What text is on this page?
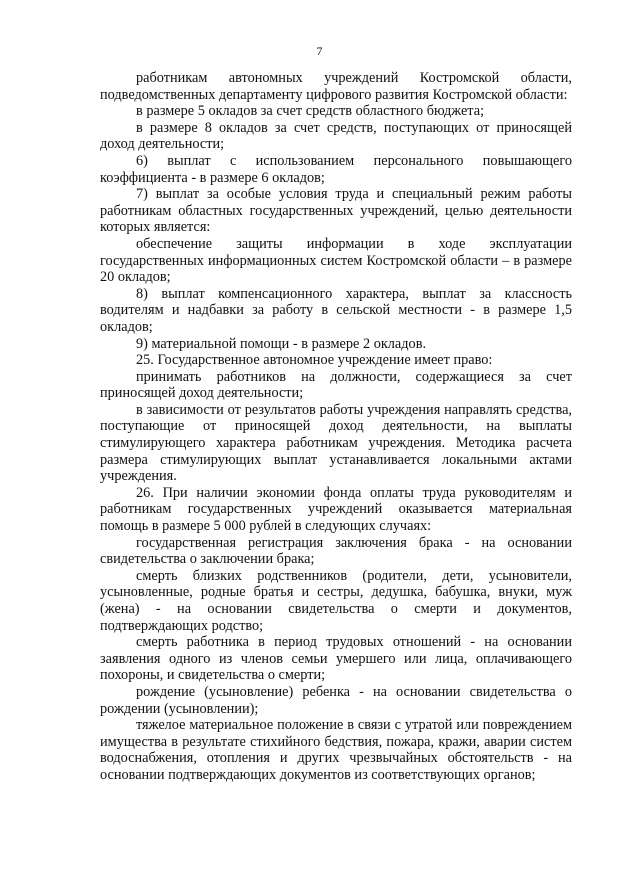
7

работникам автономных учреждений Костромской области, подведомственных департаменту цифрового развития Костромской области:

в размере 5 окладов за счет средств областного бюджета;

в размере 8 окладов за счет средств, поступающих от приносящей доход деятельности;

6) выплат с использованием персонального повышающего коэффициента - в размере 6 окладов;

7) выплат за особые условия труда и специальный режим работы работникам областных государственных учреждений, целью деятельности которых является:

обеспечение защиты информации в ходе эксплуатации государственных информационных систем Костромской области – в размере 20 окладов;

8) выплат компенсационного характера, выплат за классность водителям и надбавки за работу в сельской местности - в размере 1,5 окладов;

9) материальной помощи - в размере 2 окладов.

25. Государственное автономное учреждение имеет право:

принимать работников на должности, содержащиеся за счет приносящей доход деятельности;

в зависимости от результатов работы учреждения направлять средства, поступающие от приносящей доход деятельности, на выплаты стимулирующего характера работникам учреждения. Методика расчета размера стимулирующих выплат устанавливается локальными актами учреждения.

26. При наличии экономии фонда оплаты труда руководителям и работникам государственных учреждений оказывается материальная помощь в размере 5 000 рублей в следующих случаях:

государственная регистрация заключения брака - на основании свидетельства о заключении брака;

смерть близких родственников (родители, дети, усыновители, усыновленные, родные братья и сестры, дедушка, бабушка, внуки, муж (жена) - на основании свидетельства о смерти и документов, подтверждающих родство;

смерть работника в период трудовых отношений - на основании заявления одного из членов семьи умершего или лица, оплачивающего похороны, и свидетельства о смерти;

рождение (усыновление) ребенка - на основании свидетельства о рождении (усыновлении);

тяжелое материальное положение в связи с утратой или повреждением имущества в результате стихийного бедствия, пожара, кражи, аварии систем водоснабжения, отопления и других чрезвычайных обстоятельств - на основании подтверждающих документов из соответствующих органов;
